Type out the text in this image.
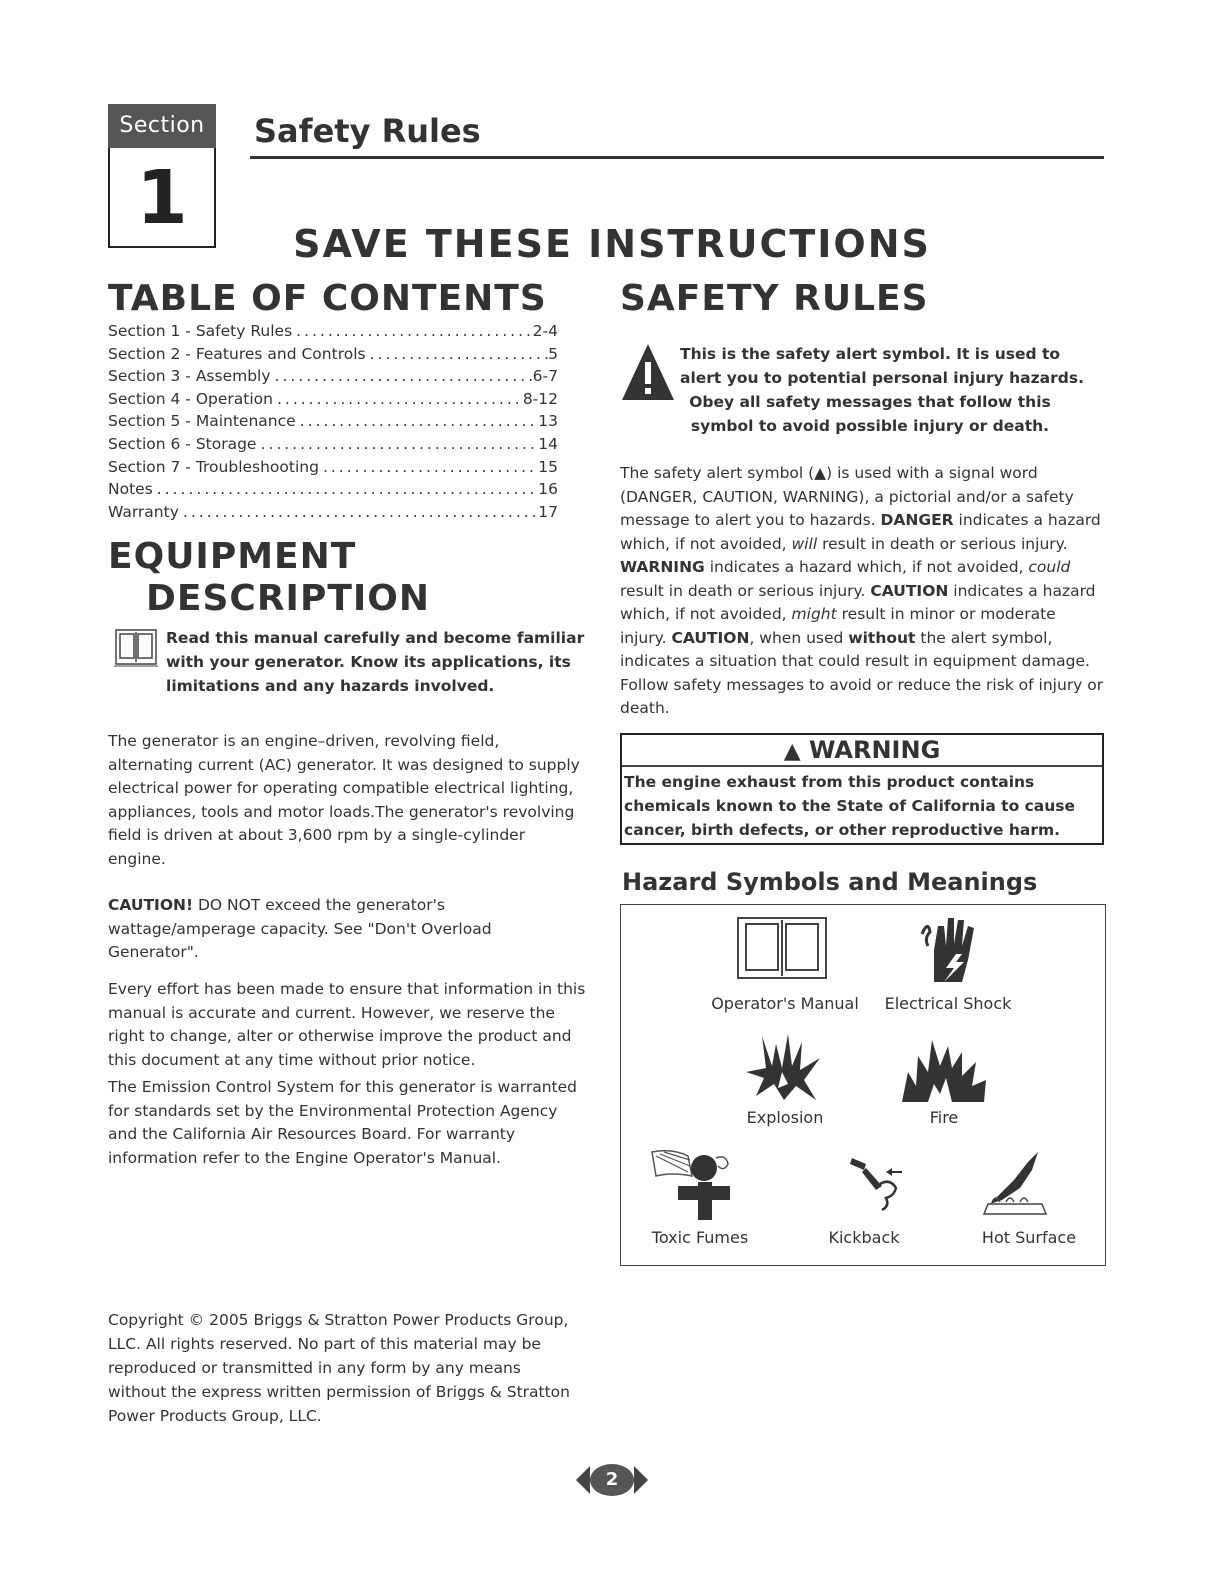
Section
1
Safety Rules
SAVE THESE INSTRUCTIONS
TABLE OF CONTENTS
Section 1 - Safety Rules .....	2-4
Section 2 - Features and Controls .....	5
Section 3 - Assembly .....	6-7
Section 4 - Operation .....	8-12
Section 5 - Maintenance .....	13
Section 6 - Storage .....	14
Section 7 - Troubleshooting .....	15
Notes .....	16
Warranty .....	17
EQUIPMENT
DESCRIPTION
Read this manual carefully and become familiar with your generator. Know its applications, its limitations and any hazards involved.
The generator is an engine–driven, revolving field, alternating current (AC) generator. It was designed to supply electrical power for operating compatible electrical lighting, appliances, tools and motor loads.The generator's revolving field is driven at about 3,600 rpm by a single-cylinder engine.
CAUTION! DO NOT exceed the generator's wattage/amperage capacity. See "Don't Overload Generator".
Every effort has been made to ensure that information in this manual is accurate and current. However, we reserve the right to change, alter or otherwise improve the product and this document at any time without prior notice.
The Emission Control System for this generator is warranted for standards set by the Environmental Protection Agency and the California Air Resources Board. For warranty information refer to the Engine Operator's Manual.
SAFETY RULES
This is the safety alert symbol. It is used to
alert you to potential personal injury hazards.
Obey all safety messages that follow this symbol to avoid possible injury or death.
The safety alert symbol (▲) is used with a signal word (DANGER, CAUTION, WARNING), a pictorial and/or a safety message to alert you to hazards. DANGER indicates a hazard which, if not avoided, will result in death or serious injury. WARNING indicates a hazard which, if not avoided, could result in death or serious injury. CAUTION indicates a hazard which, if not avoided, might result in minor or moderate injury. CAUTION, when used without the alert symbol, indicates a situation that could result in equipment damage. Follow safety messages to avoid or reduce the risk of injury or death.
▲ WARNING
The engine exhaust from this product contains chemicals known to the State of California to cause cancer, birth defects, or other reproductive harm.
Hazard Symbols and Meanings
Operator's Manual	Electrical Shock
Explosion	Fire
Toxic Fumes	Kickback	Hot Surface
Copyright © 2005 Briggs & Stratton Power Products Group, LLC. All rights reserved. No part of this material may be reproduced or transmitted in any form by any means without the express written permission of Briggs & Stratton Power Products Group, LLC.
2
